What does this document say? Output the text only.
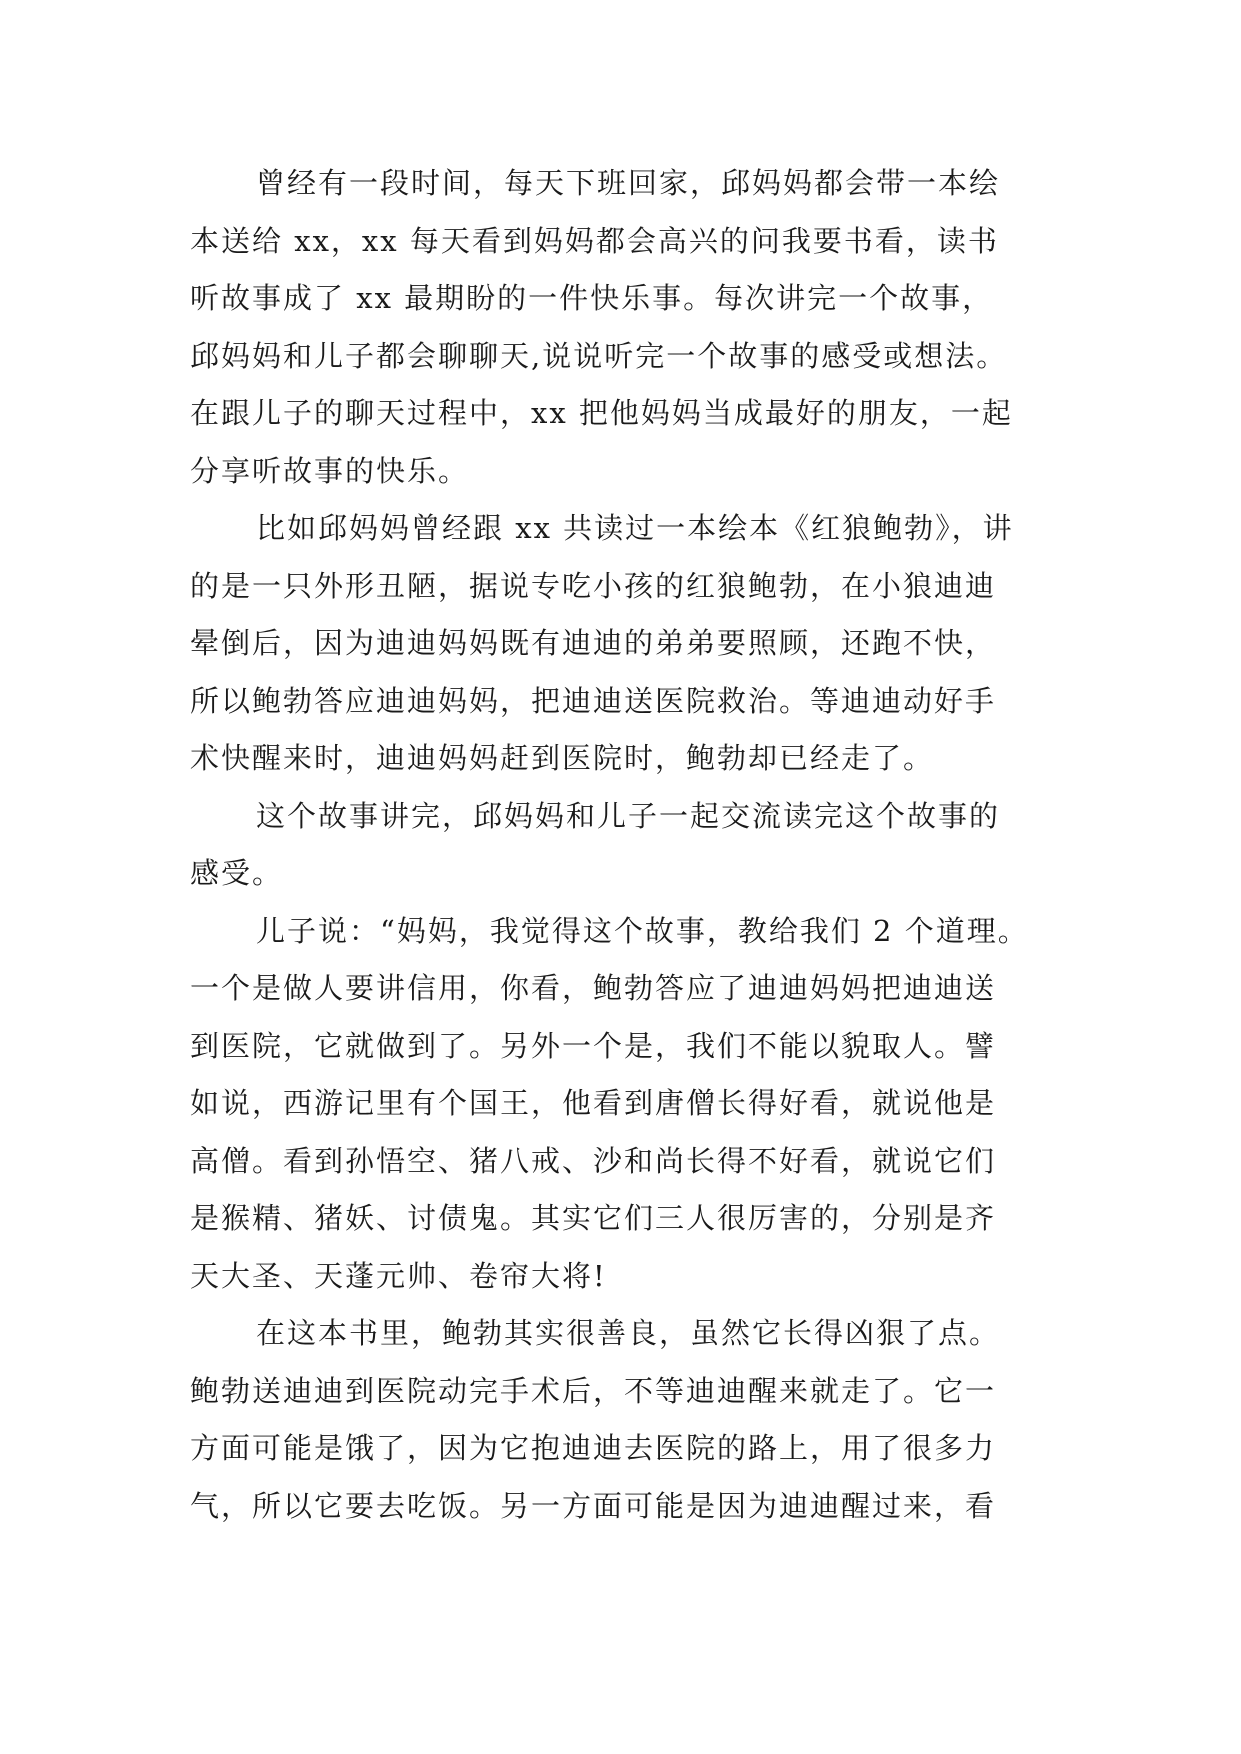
曾经有一段时间，每天下班回家，邱妈妈都会带一本绘
本送给 xx，xx 每天看到妈妈都会高兴的问我要书看，读书
听故事成了 xx 最期盼的一件快乐事。每次讲完一个故事，
邱妈妈和儿子都会聊聊天,说说听完一个故事的感受或想法。
在跟儿子的聊天过程中，xx 把他妈妈当成最好的朋友，一起
分享听故事的快乐。
比如邱妈妈曾经跟 xx 共读过一本绘本《红狼鲍勃》，讲
的是一只外形丑陋，据说专吃小孩的红狼鲍勃，在小狼迪迪
晕倒后，因为迪迪妈妈既有迪迪的弟弟要照顾，还跑不快，
所以鲍勃答应迪迪妈妈，把迪迪送医院救治。等迪迪动好手
术快醒来时，迪迪妈妈赶到医院时，鲍勃却已经走了。
这个故事讲完，邱妈妈和儿子一起交流读完这个故事的
感受。
儿子说：“妈妈，我觉得这个故事，教给我们 2 个道理。
一个是做人要讲信用，你看，鲍勃答应了迪迪妈妈把迪迪送
到医院，它就做到了。另外一个是，我们不能以貌取人。譬
如说，西游记里有个国王，他看到唐僧长得好看，就说他是
高僧。看到孙悟空、猪八戒、沙和尚长得不好看，就说它们
是猴精、猪妖、讨债鬼。其实它们三人很厉害的，分别是齐
天大圣、天蓬元帅、卷帘大将!
在这本书里，鲍勃其实很善良，虽然它长得凶狠了点。
鲍勃送迪迪到医院动完手术后，不等迪迪醒来就走了。它一
方面可能是饿了，因为它抱迪迪去医院的路上，用了很多力
气，所以它要去吃饭。另一方面可能是因为迪迪醒过来，看
